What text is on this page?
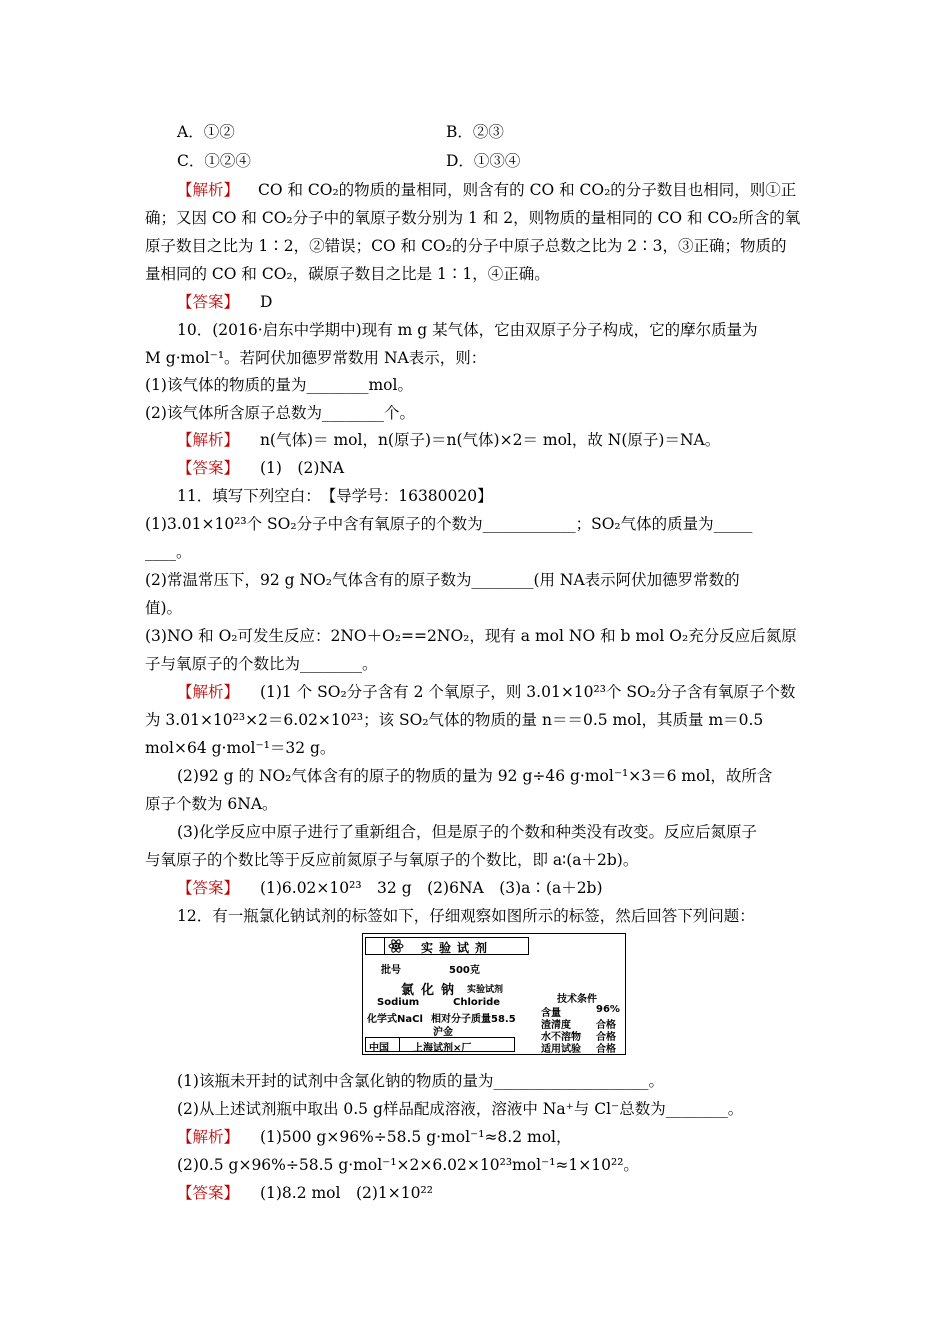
A．①②	B．②③
C．①②④	D．①③④
【解析】 CO 和 CO₂的物质的量相同，则含有的 CO 和 CO₂的分子数目也相同，则①正
确；又因 CO 和 CO₂分子中的氧原子数分别为 1 和 2，则物质的量相同的 CO 和 CO₂所含的氧
原子数目之比为 1∶2，②错误；CO 和 CO₂的分子中原子总数之比为 2∶3，③正确；物质的
量相同的 CO 和 CO₂，碳原子数目之比是 1∶1，④正确。
【答案】 D
10．(2016·启东中学期中)现有 m g 某气体，它由双原子分子构成，它的摩尔质量为
M g·mol⁻¹。若阿伏加德罗常数用 NA表示，则：
(1)该气体的物质的量为________mol。
(2)该气体所含原子总数为________个。
【解析】 n(气体)＝ mol，n(原子)＝n(气体)×2＝ mol，故 N(原子)＝NA。
【答案】 (1)　(2)NA
11．填写下列空白：　【导学号：16380020】
(1)3.01×10²³个 SO₂分子中含有氧原子的个数为____________；SO₂气体的质量为_____
____。
(2)常温常压下，92 g NO₂气体含有的原子数为________(用 NA表示阿伏加德罗常数的
值)。
(3)NO 和 O₂可发生反应：2NO＋O₂==2NO₂，现有 a mol NO 和 b mol O₂充分反应后氮原
子与氧原子的个数比为________。
【解析】 (1)1 个 SO₂分子含有 2 个氧原子，则 3.01×10²³个 SO₂分子含有氧原子个数
为 3.01×10²³×2＝6.02×10²³；该 SO₂气体的物质的量 n＝＝0.5 mol，其质量 m＝0.5
mol×64 g·mol⁻¹＝32 g。
(2)92 g 的 NO₂气体含有的原子的物质的量为 92 g÷46 g·mol⁻¹×3＝6 mol，故所含
原子个数为 6NA。
(3)化学反应中原子进行了重新组合，但是原子的个数和种类没有改变。反应后氮原子
与氧原子的个数比等于反应前氮原子与氧原子的个数比，即 a∶(a＋2b)。
【答案】 (1)6.02×10²³　32 g　(2)6NA　(3)a∶(a＋2b)
12．有一瓶氯化钠试剂的标签如下，仔细观察如图所示的标签，然后回答下列问题：
实验试剂
批号	500克
氯化钠 实验试剂
Sodium	Chloride
化学式NaCl 相对分子质量58.5
沪金
技术条件
含量	96%
渣清度	合格
水不溶物 合格
适用试验 合格
中国 上海试剂×厂
(1)该瓶未开封的试剂中含氯化钠的物质的量为____________________。
(2)从上述试剂瓶中取出 0.5 g样品配成溶液，溶液中 Na⁺与 Cl⁻总数为________。
【解析】 (1)500 g×96%÷58.5 g·mol⁻¹≈8.2 mol，
(2)0.5 g×96%÷58.5 g·mol⁻¹×2×6.02×10²³mol⁻¹≈1×10²²。
【答案】 (1)8.2 mol　(2)1×10²²
